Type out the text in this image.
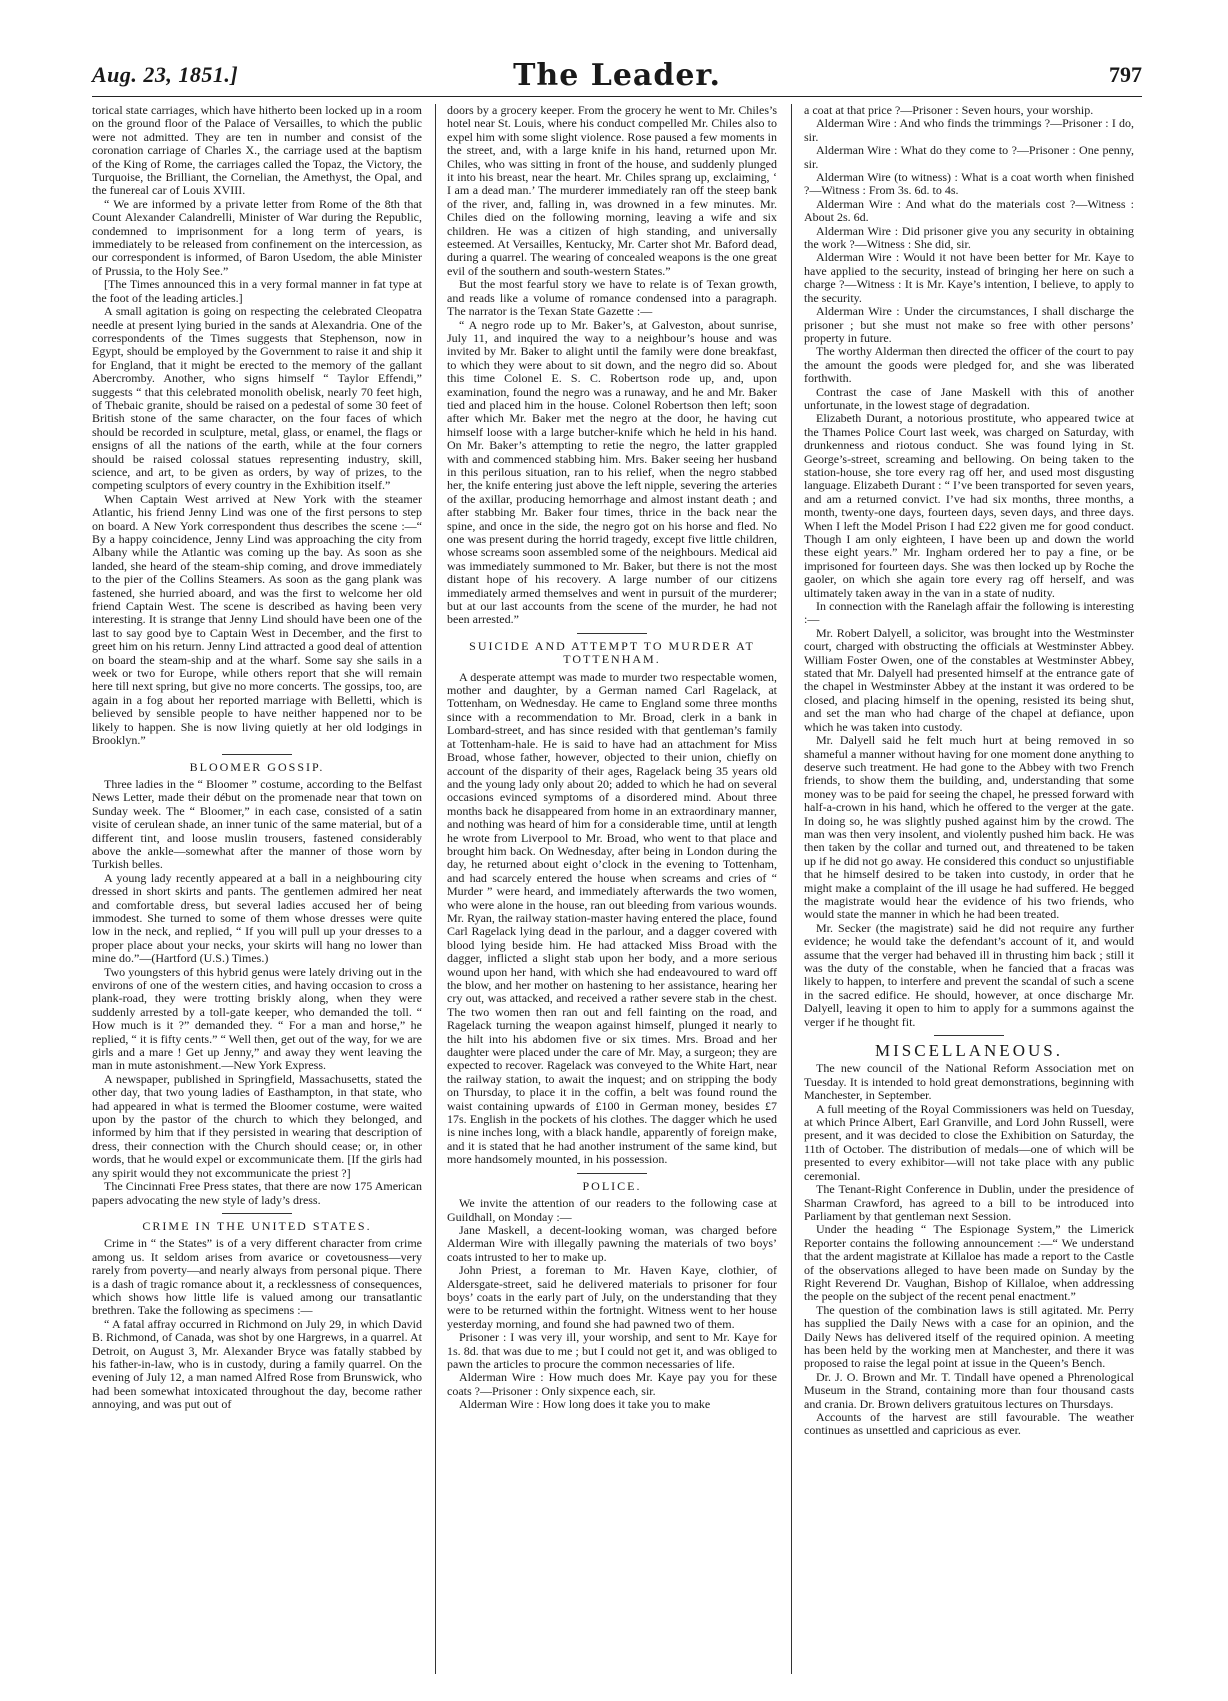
Aug. 23, 1851.]	The Leader.	797

torical state carriages, which have hitherto been locked up in a room on the ground floor of the Palace of Versailles, to which the public were not admitted. They are ten in number and consist of the coronation carriage of Charles X., the carriage used at the baptism of the King of Rome, the carriages called the Topaz, the Victory, the Turquoise, the Brilliant, the Cornelian, the Amethyst, the Opal, and the funereal car of Louis XVIII.

“ We are informed by a private letter from Rome of the 8th that Count Alexander Calandrelli, Minister of War during the Republic, condemned to imprisonment for a long term of years, is immediately to be released from confinement on the intercession, as our correspondent is informed, of Baron Usedom, the able Minister of Prussia, to the Holy See.”

[The Times announced this in a very formal manner in fat type at the foot of the leading articles.]

A small agitation is going on respecting the celebrated Cleopatra needle at present lying buried in the sands at Alexandria. One of the correspondents of the Times suggests that Stephenson, now in Egypt, should be employed by the Government to raise it and ship it for England, that it might be erected to the memory of the gallant Abercromby. Another, who signs himself “ Taylor Effendi,” suggests “ that this celebrated monolith obelisk, nearly 70 feet high, of Thebaic granite, should be raised on a pedestal of some 30 feet of British stone of the same character, on the four faces of which should be recorded in sculpture, metal, glass, or enamel, the flags or ensigns of all the nations of the earth, while at the four corners should be raised colossal statues representing industry, skill, science, and art, to be given as orders, by way of prizes, to the competing sculptors of every country in the Exhibition itself.”

When Captain West arrived at New York with the steamer Atlantic, his friend Jenny Lind was one of the first persons to step on board. A New York correspondent thus describes the scene :—“ By a happy coincidence, Jenny Lind was approaching the city from Albany while the Atlantic was coming up the bay. As soon as she landed, she heard of the steam-ship coming, and drove immediately to the pier of the Collins Steamers. As soon as the gang plank was fastened, she hurried aboard, and was the first to welcome her old friend Captain West. The scene is described as having been very interesting. It is strange that Jenny Lind should have been one of the last to say good bye to Captain West in December, and the first to greet him on his return. Jenny Lind attracted a good deal of attention on board the steam-ship and at the wharf. Some say she sails in a week or two for Europe, while others report that she will remain here till next spring, but give no more concerts. The gossips, too, are again in a fog about her reported marriage with Belletti, which is believed by sensible people to have neither happened nor to be likely to happen. She is now living quietly at her old lodgings in Brooklyn.”

BLOOMER GOSSIP.

Three ladies in the “ Bloomer ” costume, according to the Belfast News Letter, made their début on the promenade near that town on Sunday week. The “ Bloomer,” in each case, consisted of a satin visite of cerulean shade, an inner tunic of the same material, but of a different tint, and loose muslin trousers, fastened considerably above the ankle—somewhat after the manner of those worn by Turkish belles.

A young lady recently appeared at a ball in a neighbouring city dressed in short skirts and pants. The gentlemen admired her neat and comfortable dress, but several ladies accused her of being immodest. She turned to some of them whose dresses were quite low in the neck, and replied, “ If you will pull up your dresses to a proper place about your necks, your skirts will hang no lower than mine do.”—(Hartford (U.S.) Times.)

Two youngsters of this hybrid genus were lately driving out in the environs of one of the western cities, and having occasion to cross a plank-road, they were trotting briskly along, when they were suddenly arrested by a toll-gate keeper, who demanded the toll. “ How much is it ?” demanded they. “ For a man and horse,” he replied, “ it is fifty cents.” “ Well then, get out of the way, for we are girls and a mare ! Get up Jenny,” and away they went leaving the man in mute astonishment.—New York Express.

A newspaper, published in Springfield, Massachusetts, stated the other day, that two young ladies of Easthampton, in that state, who had appeared in what is termed the Bloomer costume, were waited upon by the pastor of the church to which they belonged, and informed by him that if they persisted in wearing that description of dress, their connection with the Church should cease; or, in other words, that he would expel or excommunicate them. [If the girls had any spirit would they not excommunicate the priest ?]

The Cincinnati Free Press states, that there are now 175 American papers advocating the new style of lady’s dress.

CRIME IN THE UNITED STATES.

Crime in “ the States” is of a very different character from crime among us. It seldom arises from avarice or covetousness—very rarely from poverty—and nearly always from personal pique. There is a dash of tragic romance about it, a recklessness of consequences, which shows how little life is valued among our transatlantic brethren. Take the following as specimens :—

“ A fatal affray occurred in Richmond on July 29, in which David B. Richmond, of Canada, was shot by one Hargrews, in a quarrel. At Detroit, on August 3, Mr. Alexander Bryce was fatally stabbed by his father-in-law, who is in custody, during a family quarrel. On the evening of July 12, a man named Alfred Rose from Brunswick, who had been somewhat intoxicated throughout the day, become rather annoying, and was put out of

doors by a grocery keeper. From the grocery he went to Mr. Chiles’s hotel near St. Louis, where his conduct compelled Mr. Chiles also to expel him with some slight violence. Rose paused a few moments in the street, and, with a large knife in his hand, returned upon Mr. Chiles, who was sitting in front of the house, and suddenly plunged it into his breast, near the heart. Mr. Chiles sprang up, exclaiming, ‘ I am a dead man.’ The murderer immediately ran off the steep bank of the river, and, falling in, was drowned in a few minutes. Mr. Chiles died on the following morning, leaving a wife and six children. He was a citizen of high standing, and universally esteemed. At Versailles, Kentucky, Mr. Carter shot Mr. Baford dead, during a quarrel. The wearing of concealed weapons is the one great evil of the southern and south-western States.”

But the most fearful story we have to relate is of Texan growth, and reads like a volume of romance condensed into a paragraph. The narrator is the Texan State Gazette :—

“ A negro rode up to Mr. Baker’s, at Galveston, about sunrise, July 11, and inquired the way to a neighbour’s house and was invited by Mr. Baker to alight until the family were done breakfast, to which they were about to sit down, and the negro did so. About this time Colonel E. S. C. Robertson rode up, and, upon examination, found the negro was a runaway, and he and Mr. Baker tied and placed him in the house. Colonel Robertson then left; soon after which Mr. Baker met the negro at the door, he having cut himself loose with a large butcher-knife which he held in his hand. On Mr. Baker’s attempting to retie the negro, the latter grappled with and commenced stabbing him. Mrs. Baker seeing her husband in this perilous situation, ran to his relief, when the negro stabbed her, the knife entering just above the left nipple, severing the arteries of the axillar, producing hemorrhage and almost instant death ; and after stabbing Mr. Baker four times, thrice in the back near the spine, and once in the side, the negro got on his horse and fled. No one was present during the horrid tragedy, except five little children, whose screams soon assembled some of the neighbours. Medical aid was immediately summoned to Mr. Baker, but there is not the most distant hope of his recovery. A large number of our citizens immediately armed themselves and went in pursuit of the murderer; but at our last accounts from the scene of the murder, he had not been arrested.”

SUICIDE AND ATTEMPT TO MURDER AT TOTTENHAM.

A desperate attempt was made to murder two respectable women, mother and daughter, by a German named Carl Ragelack, at Tottenham, on Wednesday. He came to England some three months since with a recommendation to Mr. Broad, clerk in a bank in Lombard-street, and has since resided with that gentleman’s family at Tottenham-hale. He is said to have had an attachment for Miss Broad, whose father, however, objected to their union, chiefly on account of the disparity of their ages, Ragelack being 35 years old and the young lady only about 20; added to which he had on several occasions evinced symptoms of a disordered mind. About three months back he disappeared from home in an extraordinary manner, and nothing was heard of him for a considerable time, until at length he wrote from Liverpool to Mr. Broad, who went to that place and brought him back. On Wednesday, after being in London during the day, he returned about eight o’clock in the evening to Tottenham, and had scarcely entered the house when screams and cries of “ Murder ” were heard, and immediately afterwards the two women, who were alone in the house, ran out bleeding from various wounds. Mr. Ryan, the railway station-master having entered the place, found Carl Ragelack lying dead in the parlour, and a dagger covered with blood lying beside him. He had attacked Miss Broad with the dagger, inflicted a slight stab upon her body, and a more serious wound upon her hand, with which she had endeavoured to ward off the blow, and her mother on hastening to her assistance, hearing her cry out, was attacked, and received a rather severe stab in the chest. The two women then ran out and fell fainting on the road, and Ragelack turning the weapon against himself, plunged it nearly to the hilt into his abdomen five or six times. Mrs. Broad and her daughter were placed under the care of Mr. May, a surgeon; they are expected to recover. Ragelack was conveyed to the White Hart, near the railway station, to await the inquest; and on stripping the body on Thursday, to place it in the coffin, a belt was found round the waist containing upwards of £100 in German money, besides £7 17s. English in the pockets of his clothes. The dagger which he used is nine inches long, with a black handle, apparently of foreign make, and it is stated that he had another instrument of the same kind, but more handsomely mounted, in his possession.

POLICE.

We invite the attention of our readers to the following case at Guildhall, on Monday :—

Jane Maskell, a decent-looking woman, was charged before Alderman Wire with illegally pawning the materials of two boys’ coats intrusted to her to make up.

John Priest, a foreman to Mr. Haven Kaye, clothier, of Aldersgate-street, said he delivered materials to prisoner for four boys’ coats in the early part of July, on the understanding that they were to be returned within the fortnight. Witness went to her house yesterday morning, and found she had pawned two of them.

Prisoner : I was very ill, your worship, and sent to Mr. Kaye for 1s. 8d. that was due to me ; but I could not get it, and was obliged to pawn the articles to procure the common necessaries of life.

Alderman Wire : How much does Mr. Kaye pay you for these coats ?—Prisoner : Only sixpence each, sir.

Alderman Wire : How long does it take you to make

a coat at that price ?—Prisoner : Seven hours, your worship.

Alderman Wire : And who finds the trimmings ?—Prisoner : I do, sir.

Alderman Wire : What do they come to ?—Prisoner : One penny, sir.

Alderman Wire (to witness) : What is a coat worth when finished ?—Witness : From 3s. 6d. to 4s.

Alderman Wire : And what do the materials cost ?—Witness : About 2s. 6d.

Alderman Wire : Did prisoner give you any security in obtaining the work ?—Witness : She did, sir.

Alderman Wire : Would it not have been better for Mr. Kaye to have applied to the security, instead of bringing her here on such a charge ?—Witness : It is Mr. Kaye’s intention, I believe, to apply to the security.

Alderman Wire : Under the circumstances, I shall discharge the prisoner ; but she must not make so free with other persons’ property in future.

The worthy Alderman then directed the officer of the court to pay the amount the goods were pledged for, and she was liberated forthwith.

Contrast the case of Jane Maskell with this of another unfortunate, in the lowest stage of degradation.

Elizabeth Durant, a notorious prostitute, who appeared twice at the Thames Police Court last week, was charged on Saturday, with drunkenness and riotous conduct. She was found lying in St. George’s-street, screaming and bellowing. On being taken to the station-house, she tore every rag off her, and used most disgusting language. Elizabeth Durant : “ I’ve been transported for seven years, and am a returned convict. I’ve had six months, three months, a month, twenty-one days, fourteen days, seven days, and three days. When I left the Model Prison I had £22 given me for good conduct. Though I am only eighteen, I have been up and down the world these eight years.” Mr. Ingham ordered her to pay a fine, or be imprisoned for fourteen days. She was then locked up by Roche the gaoler, on which she again tore every rag off herself, and was ultimately taken away in the van in a state of nudity.

In connection with the Ranelagh affair the following is interesting :—

Mr. Robert Dalyell, a solicitor, was brought into the Westminster court, charged with obstructing the officials at Westminster Abbey. William Foster Owen, one of the constables at Westminster Abbey, stated that Mr. Dalyell had presented himself at the entrance gate of the chapel in Westminster Abbey at the instant it was ordered to be closed, and placing himself in the opening, resisted its being shut, and set the man who had charge of the chapel at defiance, upon which he was taken into custody.

Mr. Dalyell said he felt much hurt at being removed in so shameful a manner without having for one moment done anything to deserve such treatment. He had gone to the Abbey with two French friends, to show them the building, and, understanding that some money was to be paid for seeing the chapel, he pressed forward with half-a-crown in his hand, which he offered to the verger at the gate. In doing so, he was slightly pushed against him by the crowd. The man was then very insolent, and violently pushed him back. He was then taken by the collar and turned out, and threatened to be taken up if he did not go away. He considered this conduct so unjustifiable that he himself desired to be taken into custody, in order that he might make a complaint of the ill usage he had suffered. He begged the magistrate would hear the evidence of his two friends, who would state the manner in which he had been treated.

Mr. Secker (the magistrate) said he did not require any further evidence; he would take the defendant’s account of it, and would assume that the verger had behaved ill in thrusting him back ; still it was the duty of the constable, when he fancied that a fracas was likely to happen, to interfere and prevent the scandal of such a scene in the sacred edifice. He should, however, at once discharge Mr. Dalyell, leaving it open to him to apply for a summons against the verger if he thought fit.

MISCELLANEOUS.

The new council of the National Reform Association met on Tuesday. It is intended to hold great demonstrations, beginning with Manchester, in September.

A full meeting of the Royal Commissioners was held on Tuesday, at which Prince Albert, Earl Granville, and Lord John Russell, were present, and it was decided to close the Exhibition on Saturday, the 11th of October. The distribution of medals—one of which will be presented to every exhibitor—will not take place with any public ceremonial.

The Tenant-Right Conference in Dublin, under the presidence of Sharman Crawford, has agreed to a bill to be introduced into Parliament by that gentleman next Session.

Under the heading “ The Espionage System,” the Limerick Reporter contains the following announcement :—“ We understand that the ardent magistrate at Killaloe has made a report to the Castle of the observations alleged to have been made on Sunday by the Right Reverend Dr. Vaughan, Bishop of Killaloe, when addressing the people on the subject of the recent penal enactment.”

The question of the combination laws is still agitated. Mr. Perry has supplied the Daily News with a case for an opinion, and the Daily News has delivered itself of the required opinion. A meeting has been held by the working men at Manchester, and there it was proposed to raise the legal point at issue in the Queen’s Bench.

Dr. J. O. Brown and Mr. T. Tindall have opened a Phrenological Museum in the Strand, containing more than four thousand casts and crania. Dr. Brown delivers gratuitous lectures on Thursdays.

Accounts of the harvest are still favourable. The weather continues as unsettled and capricious as ever.
